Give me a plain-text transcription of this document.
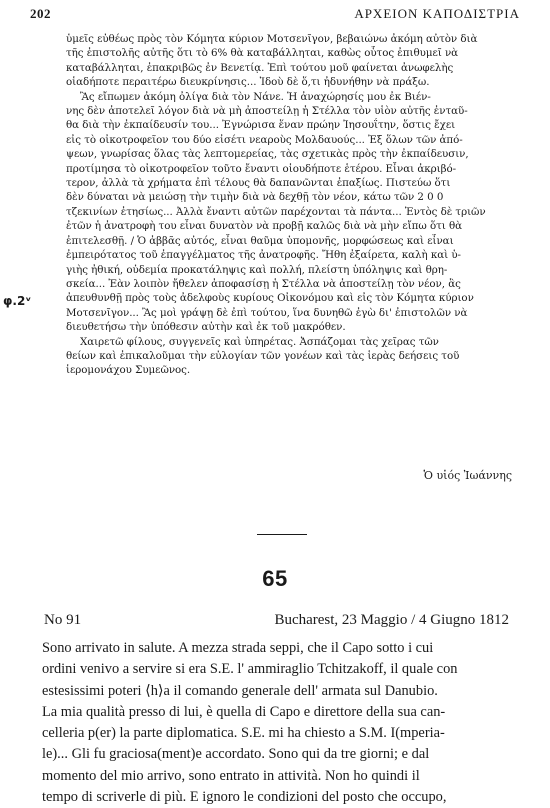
202	ΑΡΧΕΙΟΝ ΚΑΠΟΔΙΣΤΡΙΑ
φ.2ᵛ
ὑμεῖς εὐθέως πρὸς τὸν Κόμητα κύριον Μοτσενῖγον, βεβαιώνω ἀκόμη αὐτὸν διὰ
τῆς ἐπιστολῆς αὐτῆς ὅτι τὸ 6% θὰ καταβάλληται, καθὼς οὗτος ἐπιθυμεῖ νὰ
καταβάλληται, ἐπακριβῶς ἐν Βενετίᾳ. Ἐπὶ τούτου μοῦ φαίνεται ἀνωφελὴς
οἱαδήποτε περαιτέρω διευκρίνησις... Ἰδοὺ δὲ ὅ,τι ἠδυνήθην νὰ πράξω.
Ἂς εἴπωμεν ἀκόμη ὀλίγα διὰ τὸν Νάνε. Ἡ ἀναχώρησίς μου ἐκ Βιέν-
νης δὲν ἀποτελεῖ λόγον διὰ νὰ μὴ ἀποστείλῃ ἡ Στέλλα τὸν υἱὸν αὐτῆς ἐνταῦ-
θα διὰ τὴν ἐκπαίδευσίν του... Ἐγνώρισα ἕναν πρώην Ἰησουΐτην, ὅστις ἔχει
εἰς τὸ οἰκοτροφεῖον του δύο εἰσέτι νεαροὺς Μολδαυούς... Ἐξ ὅλων τῶν ἀπό-
ψεων, γνωρίσας ὅλας τὰς λεπτομερείας, τὰς σχετικὰς πρὸς τὴν ἐκπαίδευσιν,
προτίμησα τὸ οἰκοτροφεῖον τοῦτο ἔναντι οἱουδήποτε ἑτέρου. Εἶναι ἀκριβό-
τερον, ἀλλὰ τὰ χρήματα ἐπὶ τέλους θὰ δαπανῶνται ἐπαξίως. Πιστεύω ὅτι
δὲν δύναται νὰ μειώσῃ τὴν τιμὴν διὰ νὰ δεχθῇ τὸν νέον, κάτω τῶν 2 0 0
τζεκινίων ἐτησίως... Ἀλλὰ ἔναντι αὐτῶν παρέχονται τὰ πάντα... Ἐντὸς δὲ τριῶν
ἐτῶν ἡ ἀνατροφὴ του εἶναι δυνατὸν νὰ προβῇ καλῶς διὰ νὰ μὴν εἴπω ὅτι θὰ
ἐπιτελεσθῇ. / Ὁ ἀββᾶς αὐτός, εἶναι θαῦμα ὑπομονῆς, μορφώσεως καὶ εἶναι
ἐμπειρότατος τοῦ ἐπαγγέλματος τῆς ἀνατροφῆς. Ἤθη ἐξαίρετα, καλὴ καὶ ὑ-
γιὴς ἠθική, οὐδεμία προκατάληψις καὶ πολλή, πλείστη ὑπόληψις καὶ θρη-
σκεία... Ἐὰν λοιπὸν ἤθελεν ἀποφασίσῃ ἡ Στέλλα νὰ ἀποστείλῃ τὸν νέον, ἂς
ἀπευθυνθῇ πρὸς τοὺς ἀδελφοὺς κυρίους Οἰκονόμου καὶ εἰς τὸν Κόμητα κύριον
Μοτσενῖγον... Ἂς μοὶ γράψῃ δὲ ἐπὶ τούτου, ἵνα δυνηθῶ ἐγὼ δι' ἐπιστολῶν νὰ
διευθετήσω τὴν ὑπόθεσιν αὐτὴν καὶ ἐκ τοῦ μακρόθεν.
Χαιρετῶ φίλους, συγγενεῖς καὶ ὑπηρέτας. Ἀσπάζομαι τὰς χεῖρας τῶν
θείων καὶ ἐπικαλοῦμαι τὴν εὐλογίαν τῶν γονέων καὶ τὰς ἱερὰς δεήσεις τοῦ
ἱερομονάχου Συμεῶνος.
Ὁ υἱός Ἰωάννης
65
No 91	Bucharest, 23 Maggio / 4 Giugno 1812
Sono arrivato in salute. A mezza strada seppi, che il Capo sotto i cui
ordini venivo a servire si era S.E. l' ammiraglio Tchitzakoff, il quale con
estesissimi poteri ⟨h⟩a il comando generale dell' armata sul Danubio.
La mia qualità presso di lui, è quella di Capo e direttore della sua can-
celleria p(er) la parte diplomatica. S.E. mi ha chiesto a S.M. I(mperia-
le)... Gli fu graciosa(ment)e accordato. Sono qui da tre giorni; e dal
momento del mio arrivo, sono entrato in attività. Non ho quindi il
tempo di scriverle di più. E ignoro le condizioni del posto che occupo,
